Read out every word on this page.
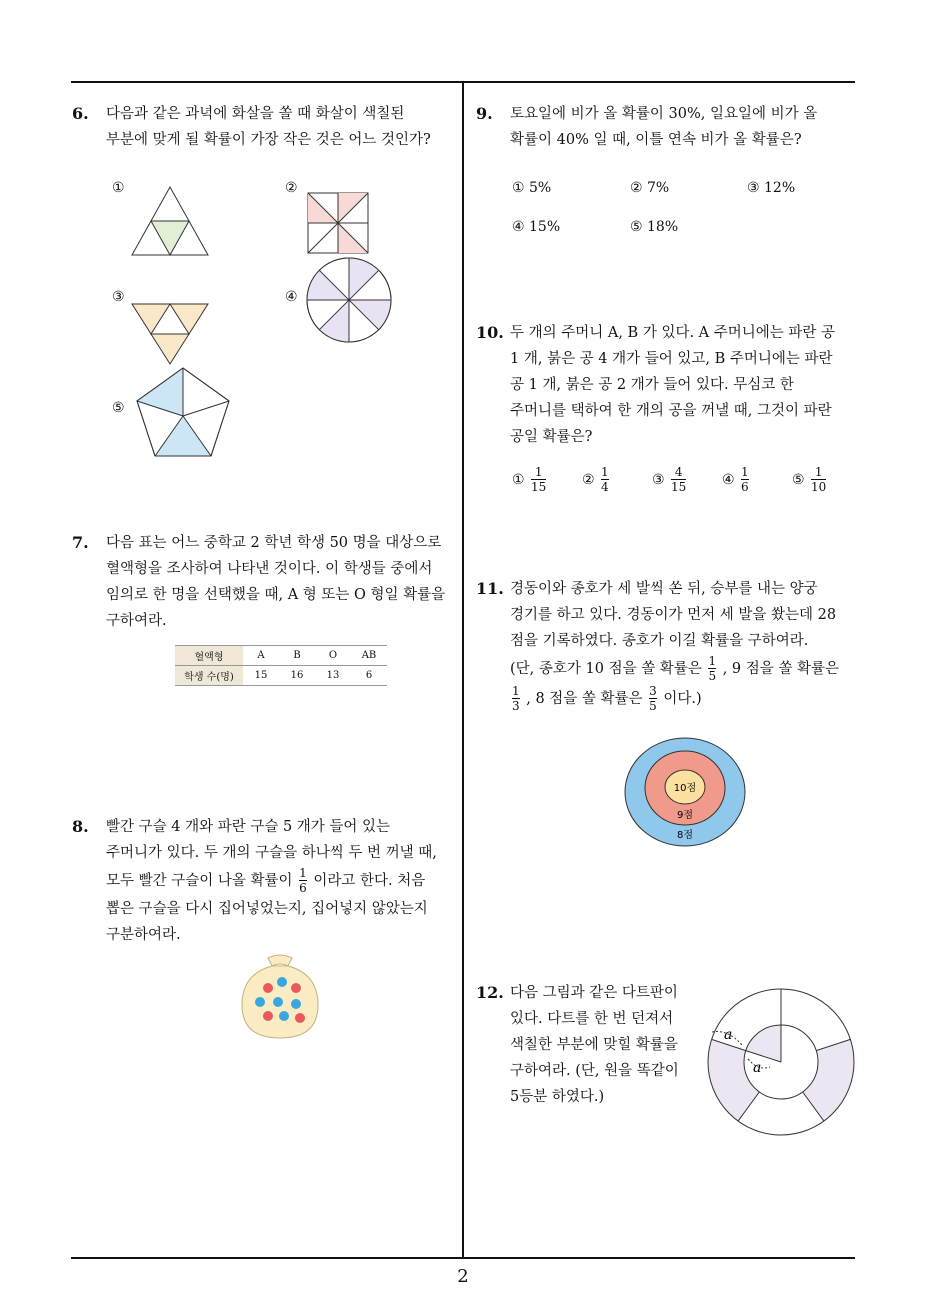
2
6. 다음과 같은 과녁에 화살을 쏠 때 화살이 색칠된
부분에 맞게 될 확률이 가장 작은 것은 어느 것인가?
①	②
③	④
⑤
7. 다음 표는 어느 중학교 2 학년 학생 50 명을 대상으로
혈액형을 조사하여 나타낸 것이다. 이 학생들 중에서
임의로 한 명을 선택했을 때, A 형 또는 O 형일 확률을
구하여라.
혈액형	A	B	O	AB
학생 수(명)	15	16	13	6
8. 빨간 구슬 4 개와 파란 구슬 5 개가 들어 있는
주머니가 있다. 두 개의 구슬을 하나씩 두 번 꺼낼 때,
모두 빨간 구슬이 나올 확률이 $\frac{1}{6}$ 이라고 한다. 처음
뽑은 구슬을 다시 집어넣었는지, 집어넣지 않았는지
구분하여라.
9. 토요일에 비가 올 확률이 30%, 일요일에 비가 올
확률이 40% 일 때, 이틀 연속 비가 올 확률은?
① 5%	② 7%	③ 12%
④ 15%	⑤ 18%
10. 두 개의 주머니 A, B 가 있다. A 주머니에는 파란 공
1 개, 붉은 공 4 개가 들어 있고, B 주머니에는 파란
공 1 개, 붉은 공 2 개가 들어 있다. 무심코 한
주머니를 택하여 한 개의 공을 꺼낼 때, 그것이 파란
공일 확률은?
① $\frac{1}{15}$	② $\frac{1}{4}$	③ $\frac{4}{15}$	④ $\frac{1}{6}$	⑤ $\frac{1}{10}$
11. 경동이와 종호가 세 발씩 쏜 뒤, 승부를 내는 양궁
경기를 하고 있다. 경동이가 먼저 세 발을 쐈는데 28
점을 기록하였다. 종호가 이길 확률을 구하여라.
(단, 종호가 10 점을 쏠 확률은 $\frac{1}{5}$ , 9 점을 쏠 확률은
$\frac{1}{3}$ , 8 점을 쏠 확률은 $\frac{3}{5}$ 이다.)
10점
9점
8점
12. 다음 그림과 같은 다트판이
있다. 다트를 한 번 던져서
색칠한 부분에 맞힐 확률을
구하여라. (단, 원을 똑같이
5등분 하였다.)
a
a
